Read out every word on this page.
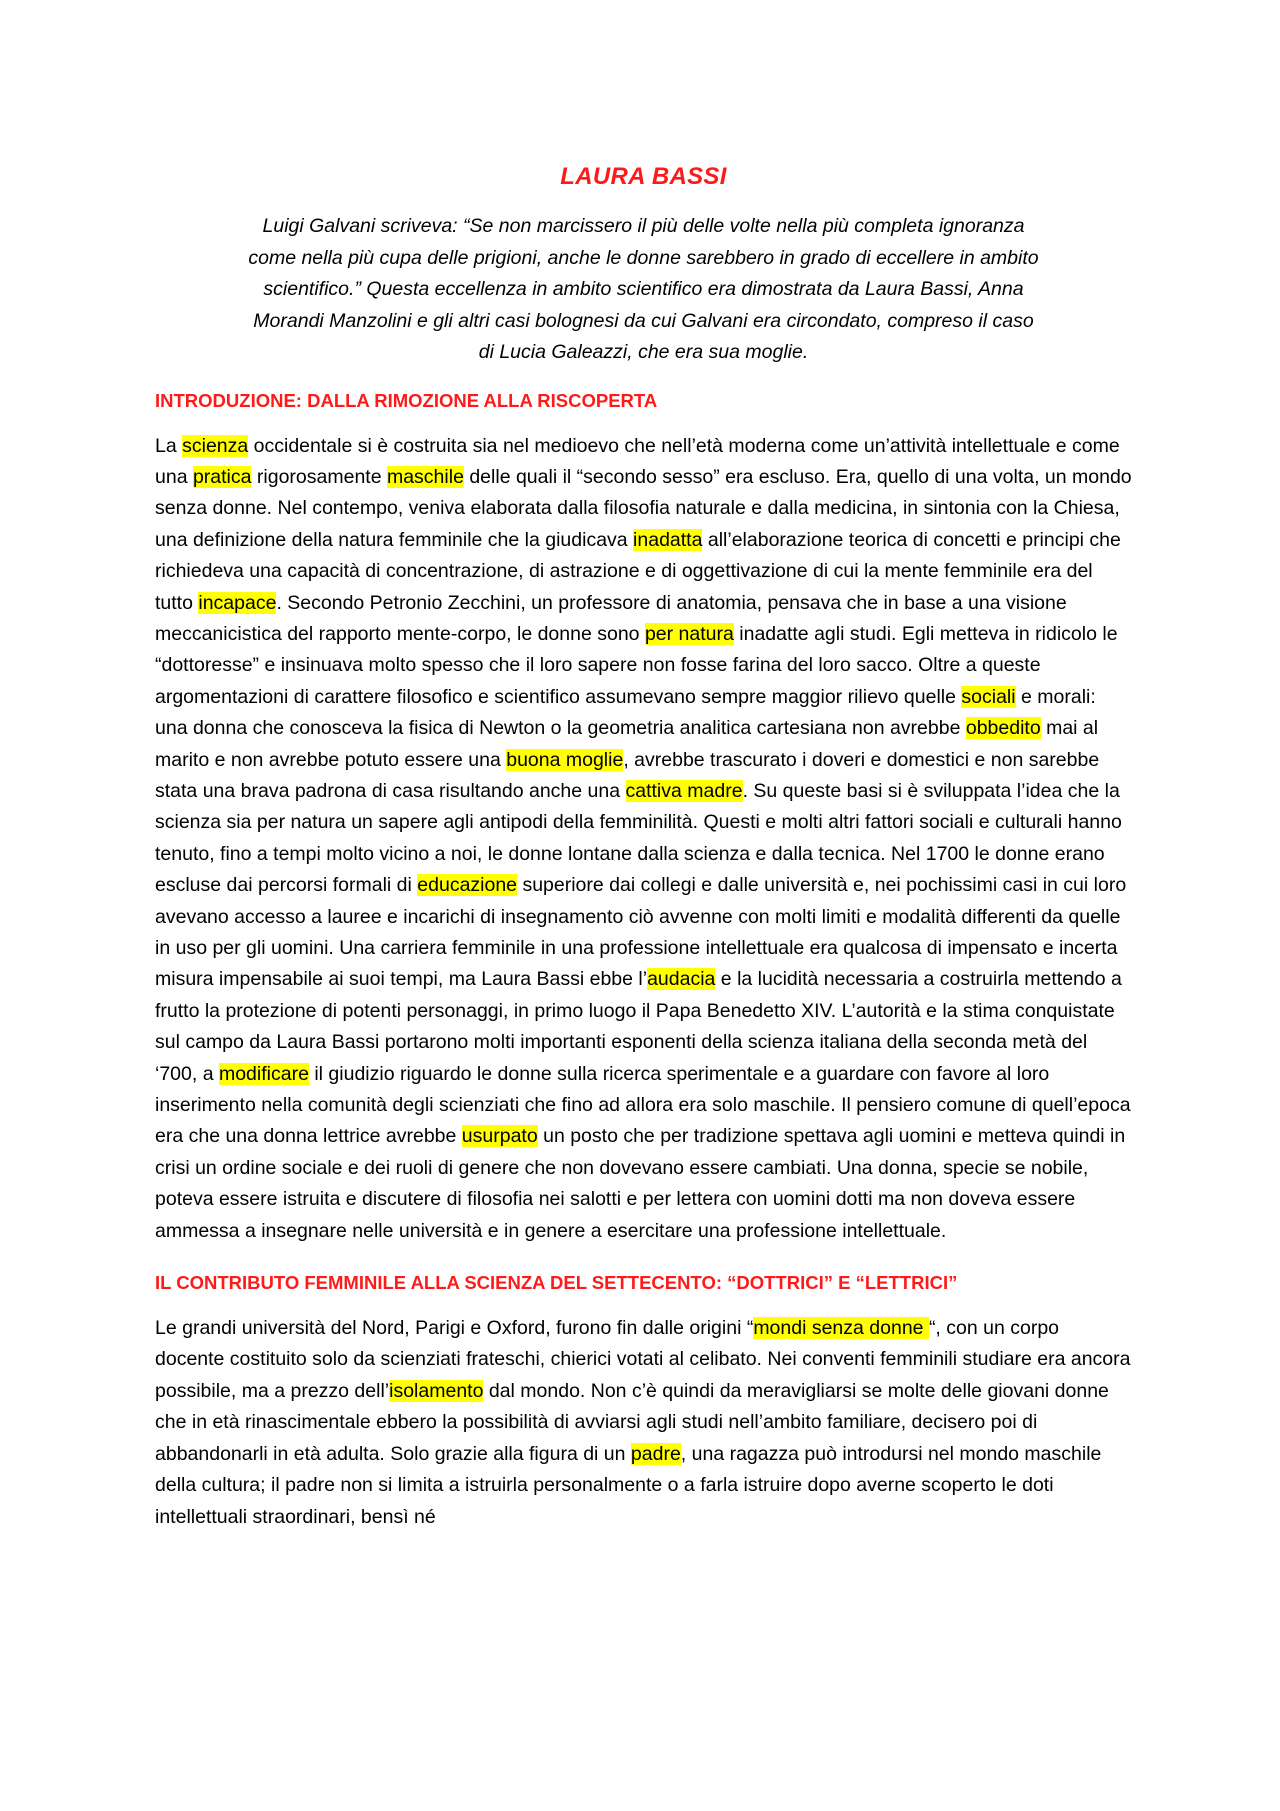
LAURA BASSI

Luigi Galvani scriveva: “Se non marcissero il più delle volte nella più completa ignoranza come nella più cupa delle prigioni, anche le donne sarebbero in grado di eccellere in ambito scientifico.” Questa eccellenza in ambito scientifico era dimostrata da Laura Bassi, Anna Morandi Manzolini e gli altri casi bolognesi da cui Galvani era circondato, compreso il caso di Lucia Galeazzi, che era sua moglie.

INTRODUZIONE: DALLA RIMOZIONE ALLA RISCOPERTA

La scienza occidentale si è costruita sia nel medioevo che nell’età moderna come un’attività intellettuale e come una pratica rigorosamente maschile delle quali il “secondo sesso” era escluso. Era, quello di una volta, un mondo senza donne. Nel contempo, veniva elaborata dalla filosofia naturale e dalla medicina, in sintonia con la Chiesa, una definizione della natura femminile che la giudicava inadatta all’elaborazione teorica di concetti e principi che richiedeva una capacità di concentrazione, di astrazione e di oggettivazione di cui la mente femminile era del tutto incapace. Secondo Petronio Zecchini, un professore di anatomia, pensava che in base a una visione meccanicistica del rapporto mente-corpo, le donne sono per natura inadatte agli studi. Egli metteva in ridicolo le “dottoresse” e insinuava molto spesso che il loro sapere non fosse farina del loro sacco. Oltre a queste argomentazioni di carattere filosofico e scientifico assumevano sempre maggior rilievo quelle sociali e morali: una donna che conosceva la fisica di Newton o la geometria analitica cartesiana non avrebbe obbedito mai al marito e non avrebbe potuto essere una buona moglie, avrebbe trascurato i doveri e domestici e non sarebbe stata una brava padrona di casa risultando anche una cattiva madre. Su queste basi si è sviluppata l’idea che la scienza sia per natura un sapere agli antipodi della femminilità. Questi e molti altri fattori sociali e culturali hanno tenuto, fino a tempi molto vicino a noi, le donne lontane dalla scienza e dalla tecnica. Nel 1700 le donne erano escluse dai percorsi formali di educazione superiore dai collegi e dalle università e, nei pochissimi casi in cui loro avevano accesso a lauree e incarichi di insegnamento ciò avvenne con molti limiti e modalità differenti da quelle in uso per gli uomini. Una carriera femminile in una professione intellettuale era qualcosa di impensato e incerta misura impensabile ai suoi tempi, ma Laura Bassi ebbe l’audacia e la lucidità necessaria a costruirla mettendo a frutto la protezione di potenti personaggi, in primo luogo il Papa Benedetto XIV. L’autorità e la stima conquistate sul campo da Laura Bassi portarono molti importanti esponenti della scienza italiana della seconda metà del ‘700, a modificare il giudizio riguardo le donne sulla ricerca sperimentale e a guardare con favore al loro inserimento nella comunità degli scienziati che fino ad allora era solo maschile. Il pensiero comune di quell’epoca era che una donna lettrice avrebbe usurpato un posto che per tradizione spettava agli uomini e metteva quindi in crisi un ordine sociale e dei ruoli di genere che non dovevano essere cambiati. Una donna, specie se nobile, poteva essere istruita e discutere di filosofia nei salotti e per lettera con uomini dotti ma non doveva essere ammessa a insegnare nelle università e in genere a esercitare una professione intellettuale.

IL CONTRIBUTO FEMMINILE ALLA SCIENZA DEL SETTECENTO: “DOTTRICI” E “LETTRICI”

Le grandi università del Nord, Parigi e Oxford, furono fin dalle origini “mondi senza donne “, con un corpo docente costituito solo da scienziati frateschi, chierici votati al celibato. Nei conventi femminili studiare era ancora possibile, ma a prezzo dell’isolamento dal mondo. Non c’è quindi da meravigliarsi se molte delle giovani donne che in età rinascimentale ebbero la possibilità di avviarsi agli studi nell’ambito familiare, decisero poi di abbandonarli in età adulta. Solo grazie alla figura di un padre, una ragazza può introdursi nel mondo maschile della cultura; il padre non si limita a istruirla personalmente o a farla istruire dopo averne scoperto le doti intellettuali straordinari, bensì né
